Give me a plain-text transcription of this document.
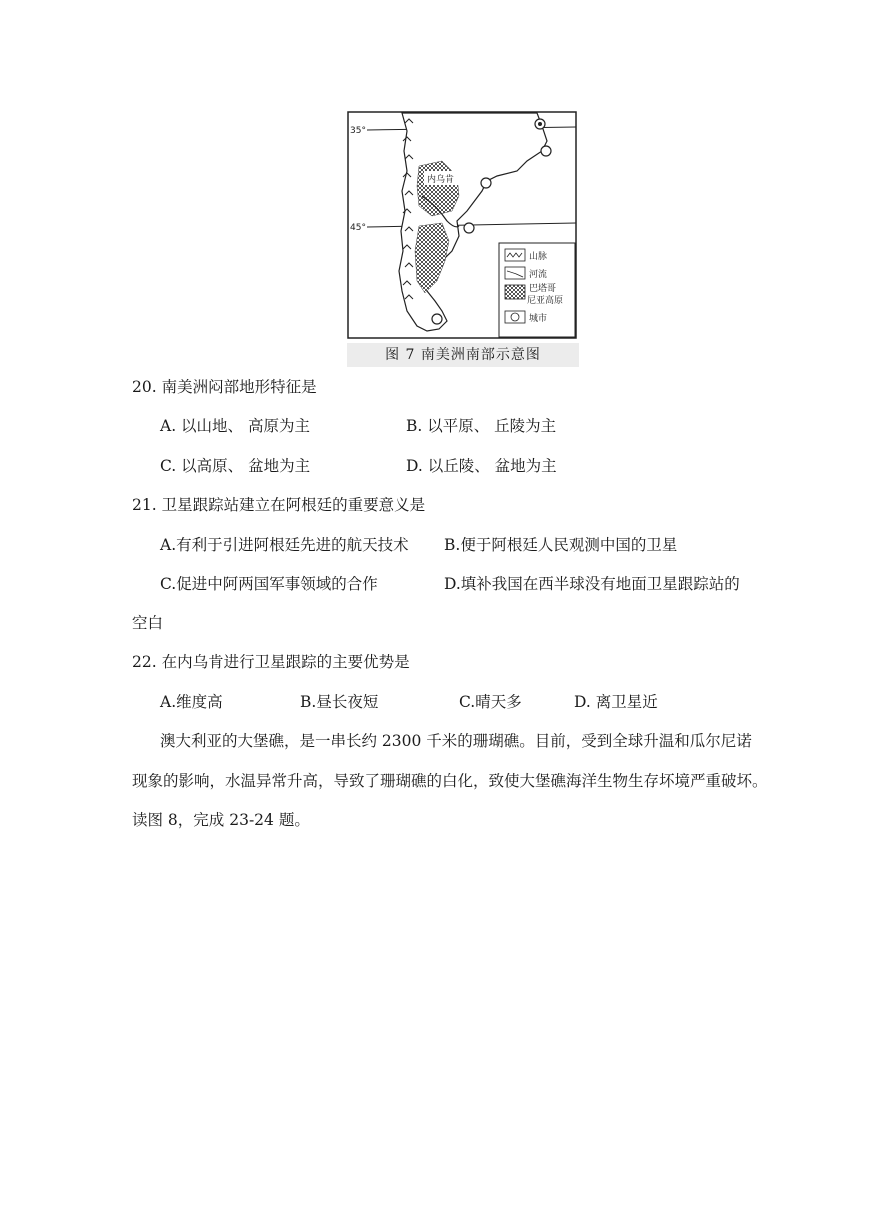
35°
45°
内乌肯
山脉
河流
巴塔哥
尼亚高原
城市
图 7 南美洲南部示意图
20. 南美洲闷部地形特征是
A. 以山地、 高原为主	B. 以平原、 丘陵为主
C. 以高原、 盆地为主	D. 以丘陵、 盆地为主
21. 卫星跟踪站建立在阿根廷的重要意义是
A.有利于引进阿根廷先进的航天技术 B.便于阿根廷人民观测中国的卫星
C.促进中阿两国军事领域的合作	D.填补我国在西半球没有地面卫星跟踪站的
空白
22. 在内乌肯进行卫星跟踪的主要优势是
A.维度高	B.昼长夜短	C.晴天多	D. 离卫星近
澳大利亚的大堡礁，是一串长约 2300 千米的珊瑚礁。目前，受到全球升温和瓜尔尼诺
现象的影响，水温异常升高，导致了珊瑚礁的白化，致使大堡礁海洋生物生存坏境严重破坏。
读图 8，完成 23-24 题。
